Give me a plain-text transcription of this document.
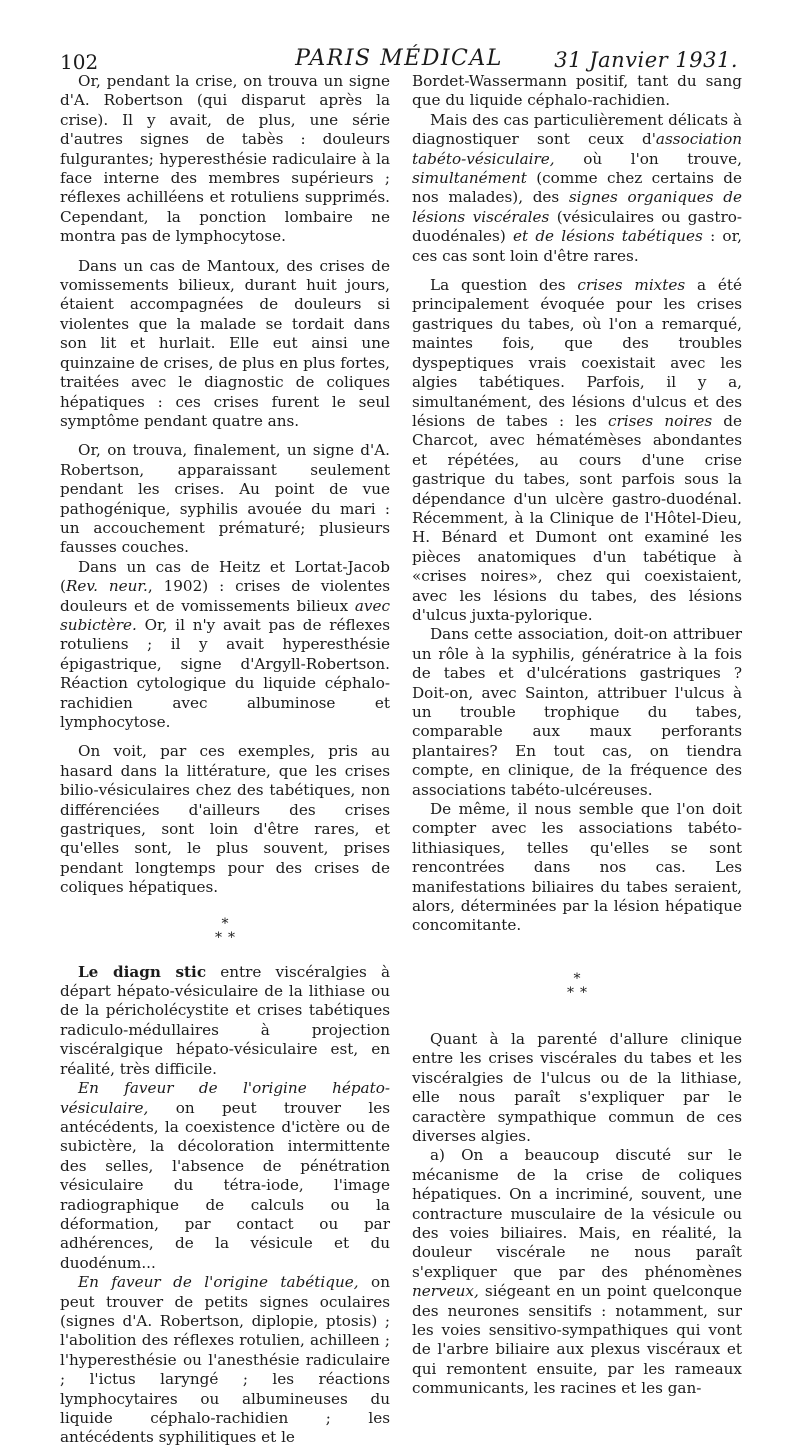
102	PARIS MÉDICAL	31 Janvier 1931.

Or, pendant la crise, on trouva un signe d'A. Robertson (qui disparut après la crise). Il y avait, de plus, une série d'autres signes de tabès : douleurs fulgurantes; hyperesthésie radiculaire à la face interne des membres supérieurs ; réflexes achilléens et rotuliens supprimés. Cependant, la ponction lombaire ne montra pas de lymphocytose.

Dans un cas de Mantoux, des crises de vomissements bilieux, durant huit jours, étaient accompagnées de douleurs si violentes que la malade se tordait dans son lit et hurlait. Elle eut ainsi une quinzaine de crises, de plus en plus fortes, traitées avec le diagnostic de coliques hépatiques : ces crises furent le seul symptôme pendant quatre ans.

Or, on trouva, finalement, un signe d'A. Robertson, apparaissant seulement pendant les crises. Au point de vue pathogénique, syphilis avouée du mari : un accouchement prématuré; plusieurs fausses couches.

Dans un cas de Heitz et Lortat-Jacob (Rev. neur., 1902) : crises de violentes douleurs et de vomissements bilieux avec subictère. Or, il n'y avait pas de réflexes rotuliens ; il y avait hyperesthésie épigastrique, signe d'Argyll-Robertson. Réaction cytologique du liquide céphalo-rachidien avec albuminose et lymphocytose.

On voit, par ces exemples, pris au hasard dans la littérature, que les crises bilio-vésiculaires chez des tabétiques, non différenciées d'ailleurs des crises gastriques, sont loin d'être rares, et qu'elles sont, le plus souvent, prises pendant longtemps pour des crises de coliques hépatiques.

*
**

Le diagn stic entre viscéralgies à départ hépato-vésiculaire de la lithiase ou de la péricholécystite et crises tabétiques radiculo-médullaires à projection viscéralgique hépato-vésiculaire est, en réalité, très difficile.

En faveur de l'origine hépato-vésiculaire, on peut trouver les antécédents, la coexistence d'ictère ou de subictère, la décoloration intermittente des selles, l'absence de pénétration vésiculaire du tétra-iode, l'image radiographique de calculs ou la déformation, par contact ou par adhérences, de la vésicule et du duodénum...

En faveur de l'origine tabétique, on peut trouver de petits signes oculaires (signes d'A. Robertson, diplopie, ptosis) ; l'abolition des réflexes rotulien, achilleen ; l'hyperesthésie ou l'anesthésie radiculaire ; l'ictus laryngé ; les réactions lymphocytaires ou albumineuses du liquide céphalo-rachidien ; les antécédents syphilitiques et le

Bordet-Wassermann positif, tant du sang que du liquide céphalo-rachidien.

Mais des cas particulièrement délicats à diagnostiquer sont ceux d'association tabéto-vésiculaire, où l'on trouve, simultanément (comme chez certains de nos malades), des signes organiques de lésions viscérales (vésiculaires ou gastro-duodénales) et de lésions tabétiques : or, ces cas sont loin d'être rares.

La question des crises mixtes a été principalement évoquée pour les crises gastriques du tabes, où l'on a remarqué, maintes fois, que des troubles dyspeptiques vrais coexistait avec les algies tabétiques. Parfois, il y a, simultanément, des lésions d'ulcus et des lésions de tabes : les crises noires de Charcot, avec hématémèses abondantes et répétées, au cours d'une crise gastrique du tabes, sont parfois sous la dépendance d'un ulcère gastro-duodénal. Récemment, à la Clinique de l'Hôtel-Dieu, H. Bénard et Dumont ont examiné les pièces anatomiques d'un tabétique à «crises noires», chez qui coexistaient, avec les lésions du tabes, des lésions d'ulcus juxta-pylorique.

Dans cette association, doit-on attribuer un rôle à la syphilis, génératrice à la fois de tabes et d'ulcérations gastriques ? Doit-on, avec Sainton, attribuer l'ulcus à un trouble trophique du tabes, comparable aux maux perforants plantaires? En tout cas, on tiendra compte, en clinique, de la fréquence des associations tabéto-ulcéreuses.

De même, il nous semble que l'on doit compter avec les associations tabéto-lithiasiques, telles qu'elles se sont rencontrées dans nos cas. Les manifestations biliaires du tabes seraient, alors, déterminées par la lésion hépatique concomitante.

*
**

Quant à la parenté d'allure clinique entre les crises viscérales du tabes et les viscéralgies de l'ulcus ou de la lithiase, elle nous paraît s'expliquer par le caractère sympathique commun de ces diverses algies.

a) On a beaucoup discuté sur le mécanisme de la crise de coliques hépatiques. On a incriminé, souvent, une contracture musculaire de la vésicule ou des voies biliaires. Mais, en réalité, la douleur viscérale ne nous paraît s'expliquer que par des phénomènes nerveux, siégeant en un point quelconque des neurones sensitifs : notamment, sur les voies sensitivo-sympathiques qui vont de l'arbre biliaire aux plexus viscéraux et qui remontent ensuite, par les rameaux communicants, les racines et les gan-
